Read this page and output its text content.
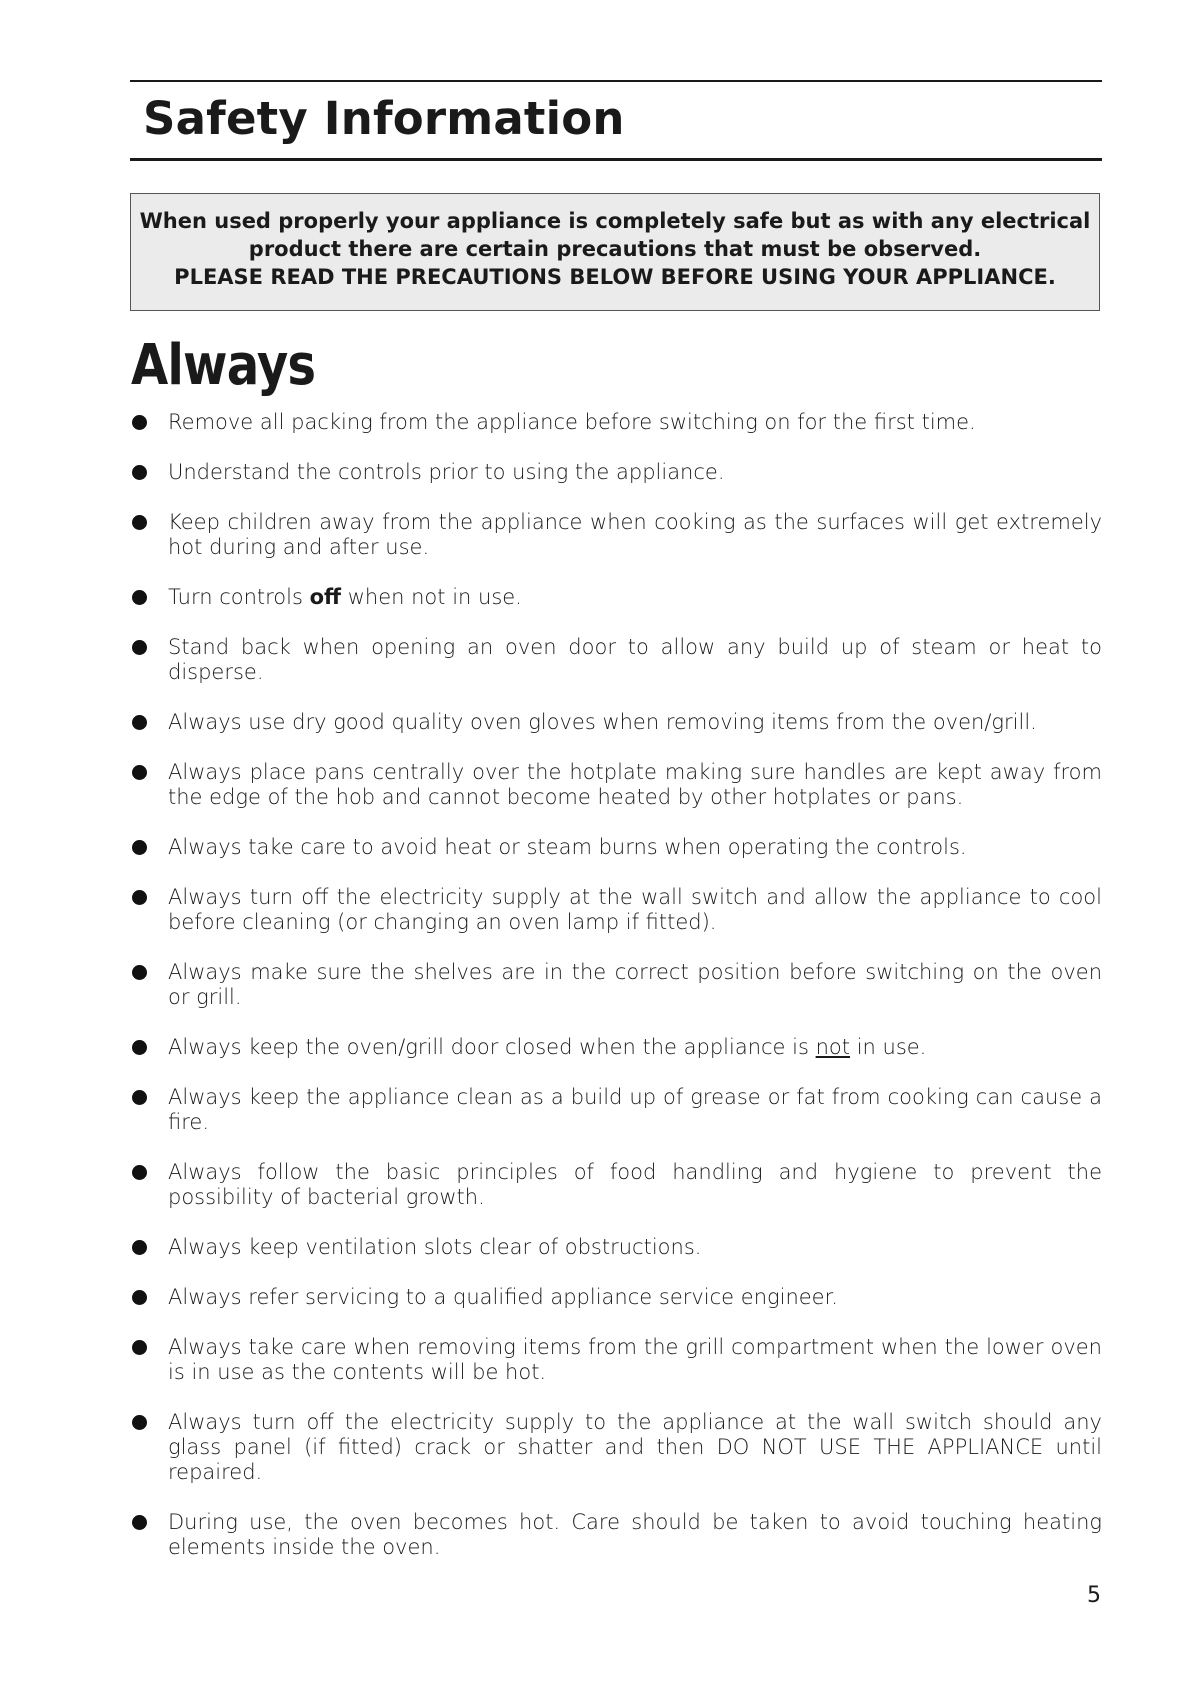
Safety Information

When used properly your appliance is completely safe but as with any electrical product there are certain precautions that must be observed.

PLEASE READ THE PRECAUTIONS BELOW BEFORE USING YOUR APPLIANCE.

Always
Remove all packing from the appliance before switching on for the first time.
Understand the controls prior to using the appliance.
Keep children away from the appliance when cooking as the surfaces will get extremely hot during and after use.
Turn controls off when not in use.
Stand back when opening an oven door to allow any build up of steam or heat to disperse.
Always use dry good quality oven gloves when removing items from the oven/grill.
Always place pans centrally over the hotplate making sure handles are kept away from the edge of the hob and cannot become heated by other hotplates or pans.
Always take care to avoid heat or steam burns when operating the controls.
Always turn off the electricity supply at the wall switch and allow the appliance to cool before cleaning (or changing an oven lamp if fitted).
Always make sure the shelves are in the correct position before switching on the oven or grill.
Always keep the oven/grill door closed when the appliance is not in use.
Always keep the appliance clean as a build up of grease or fat from cooking can cause a fire.
Always follow the basic principles of food handling and hygiene to prevent the possibility of bacterial growth.
Always keep ventilation slots clear of obstructions.
Always refer servicing to a qualified appliance service engineer.
Always take care when removing items from the grill compartment when the lower oven is in use as the contents will be hot.
Always turn off the electricity supply to the appliance at the wall switch should any glass panel (if fitted) crack or shatter and then DO NOT USE THE APPLIANCE until repaired.
During use, the oven becomes hot. Care should be taken to avoid touching heating elements inside the oven.
5
